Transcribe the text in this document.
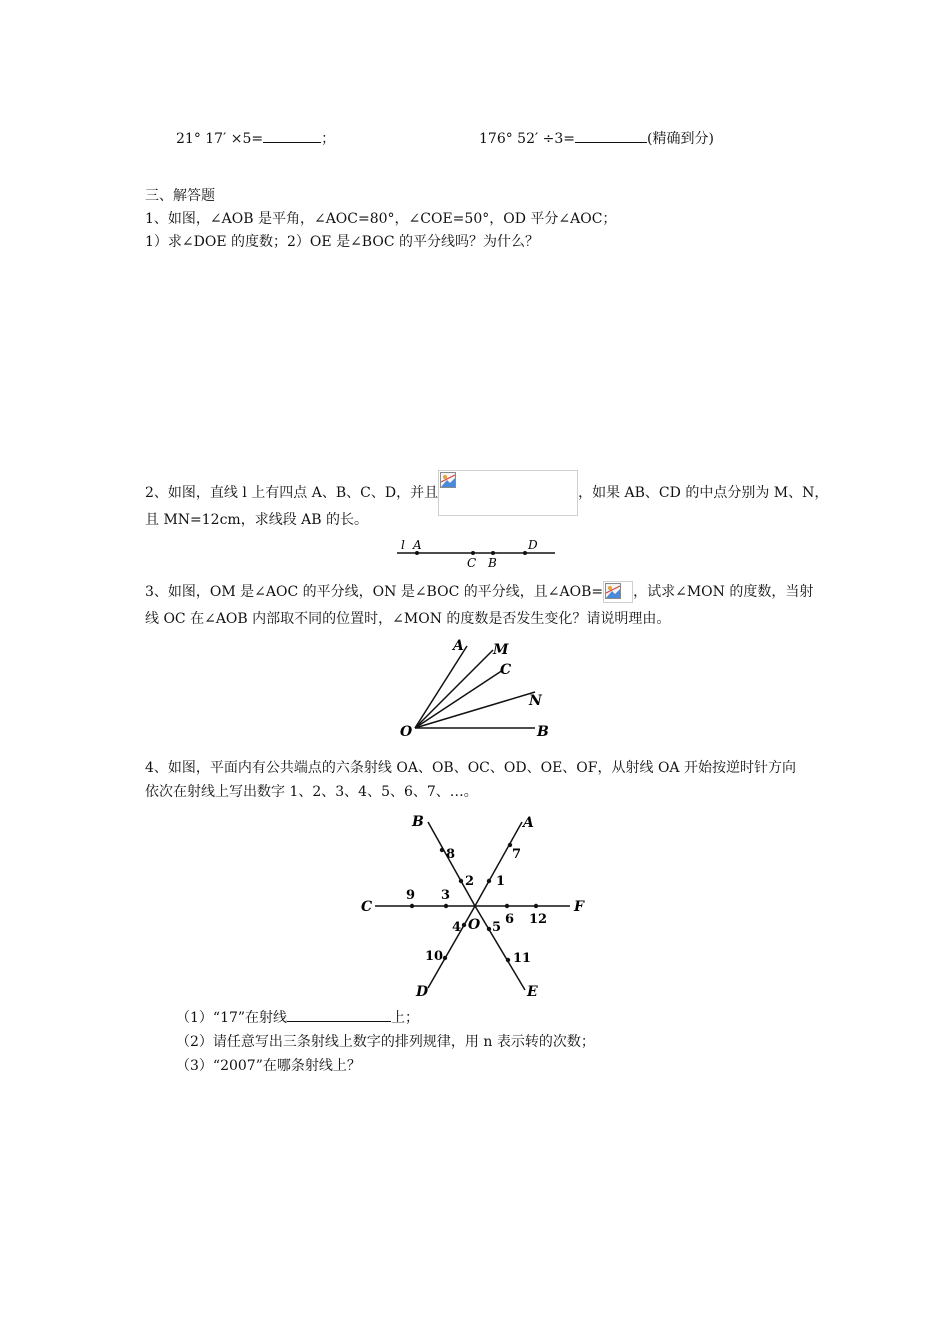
21° 17′ ×5=	；	176° 52′ ÷3=	(精确到分)
三、解答题
1、如图，∠AOB 是平角，∠AOC=80°，∠COE=50°，OD 平分∠AOC；
1）求∠DOE 的度数；2）OE 是∠BOC 的平分线吗？为什么？
2、如图，直线 l 上有四点 A、B、C、D，并且	，如果 AB、CD 的中点分别为 M、N，
且 MN=12cm，求线段 AB 的长。
l A
C B
D
3、如图，OM 是∠AOC 的平分线，ON 是∠BOC 的平分线，且∠AOB= ，试求∠MON 的度数，当射
线 OC 在∠AOB 内部取不同的位置时，∠MON 的度数是否发生变化？请说明理由。
A M
C
N
O	B
4、如图，平面内有公共端点的六条射线 OA、OB、OC、OD、OE、OF，从射线 OA 开始按逆时针方向
依次在射线上写出数字 1、2、3、4、5、6、7、…。
B	A
C	F
O
D	E
1
7
2
8
3
9
4
10
5
11
6 12
（1）“17”在射线	上；
（2）请任意写出三条射线上数字的排列规律，用 n 表示转的次数；
（3）“2007”在哪条射线上？
